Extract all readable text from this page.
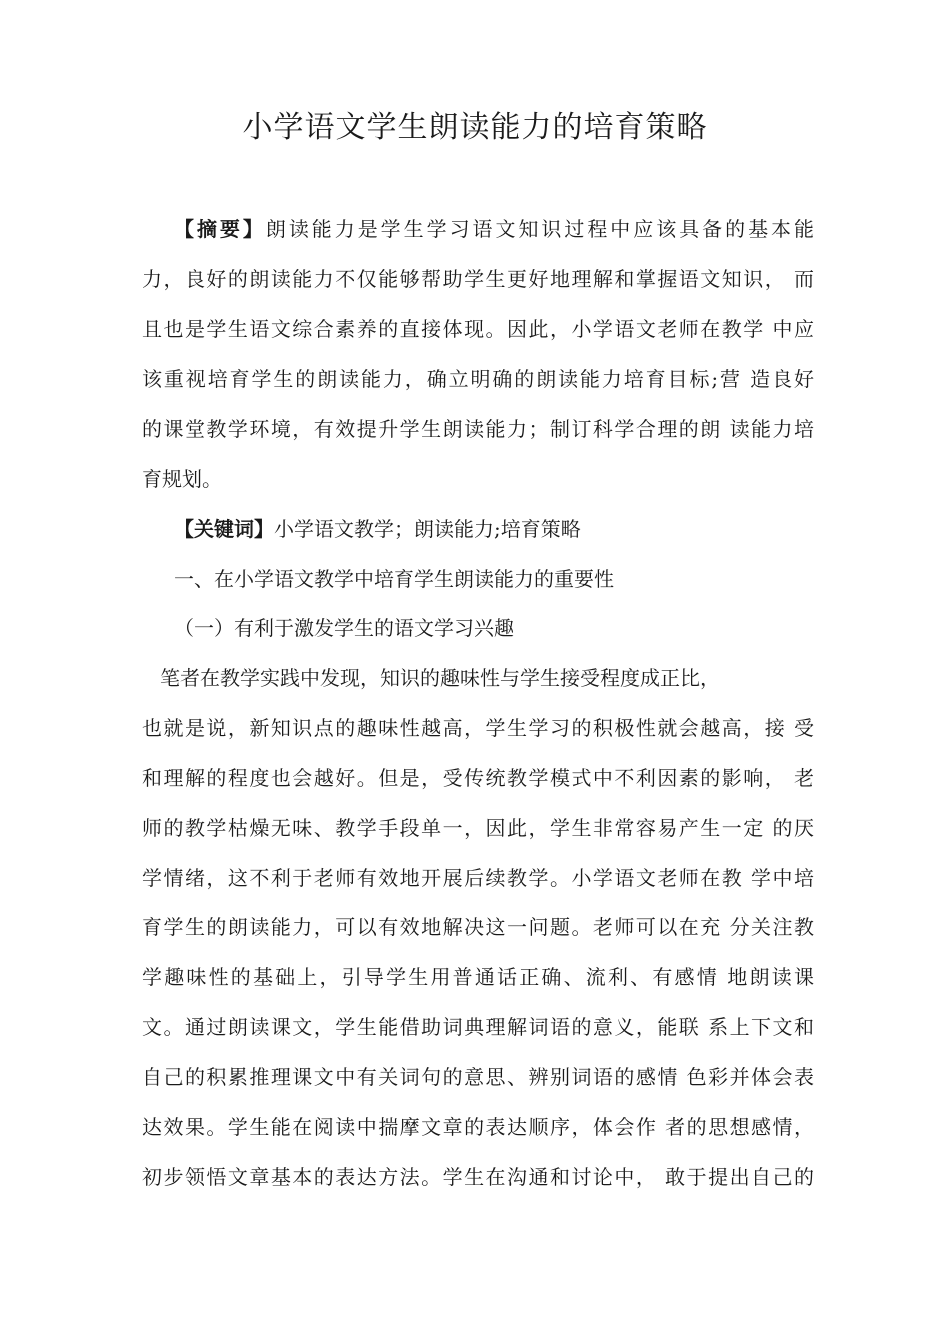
小学语文学生朗读能力的培育策略
【摘要】朗读能力是学生学习语文知识过程中应该具备的基本能
力，良好的朗读能力不仅能够帮助学生更好地理解和掌握语文知识， 而
且也是学生语文综合素养的直接体现。因此，小学语文老师在教学 中应
该重视培育学生的朗读能力，确立明确的朗读能力培育目标;营 造良好
的课堂教学环境，有效提升学生朗读能力；制订科学合理的朗 读能力培
育规划。
【关键词】小学语文教学；朗读能力;培育策略
一、在小学语文教学中培育学生朗读能力的重要性
（一）有利于激发学生的语文学习兴趣
笔者在教学实践中发现，知识的趣味性与学生接受程度成正比，
也就是说，新知识点的趣味性越高，学生学习的积极性就会越高，接 受
和理解的程度也会越好。但是，受传统教学模式中不利因素的影响， 老
师的教学枯燥无味、教学手段单一，因此，学生非常容易产生一定 的厌
学情绪，这不利于老师有效地开展后续教学。小学语文老师在教 学中培
育学生的朗读能力，可以有效地解决这一问题。老师可以在充 分关注教
学趣味性的基础上，引导学生用普通话正确、流利、有感情 地朗读课
文。通过朗读课文，学生能借助词典理解词语的意义，能联 系上下文和
自己的积累推理课文中有关词句的意思、辨别词语的感情 色彩并体会表
达效果。学生能在阅读中揣摩文章的表达顺序，体会作 者的思想感情，
初步领悟文章基本的表达方法。学生在沟通和讨论中， 敢于提出自己的
